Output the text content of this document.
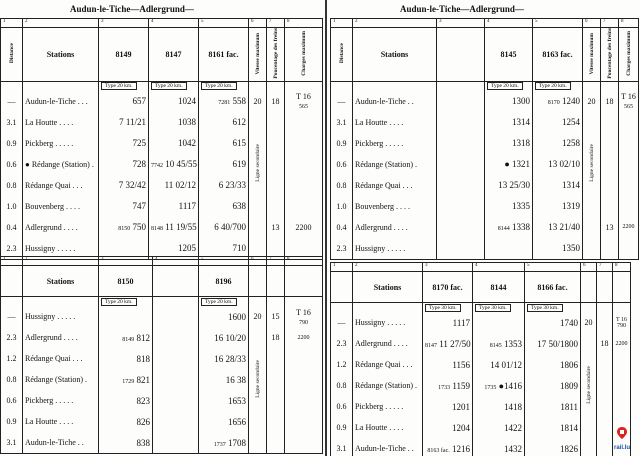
Audun-le-Tiche—Adlergrund—
1	2	3	4	5	6	7	8
Distance	Stations	8149	8147	8161 fac.	Vitesse maximum	Poucentage des freins	Charges maximum
		Type 20 km.	Type 20 km.	Type 20 km.			
—	Audun-le-Tiche . . .	657	1024	7281 558	20	18	T 16
565
3.1	La Houtte . . . .	7 11/21	1038	612	Ligne secondaire		
0.9	Pickberg . . . . .	725	1042	615			
0.6	● Rédange (Station) .	728	7742 10 45/55	619			
0.8	Rédange Quai . . .	7 32/42	11 02/12	6 23/33			
1.0	Bouvenberg . . . .	747	1117	638			
0.4	Adlergrund . . . .	8150 750	8148 11 19/55	6 40/700		13	2200
2.3	Hussigny . . . . .		1205	710			
Audun-le-Tiche—Adlergrund—
1	2	3	4	5	6	7	8
Distance	Stations		8145	8163 fac.	Vitesse maximum	Poucentage des freins	Charges maximum
			Type 20 km.	Type 20 km.			
—	Audun-le-Tiche . .		1300	8170 1240	20	18	T 16
565
3.1	La Houtte . . . .		1314	1254	Ligne secondaire		
0.9	Pickberg . . . . .		1318	1258			
0.6	Rédange (Station) .		● 1321	13 02/10			
0.8	Rédange Quai . . .		13 25/30	1314			
1.0	Bouvenberg . . . .		1335	1319			
0.4	Adlergrund . . . .		8144 1338	13 21/40		13	2200
2.3	Hussigny . . . . .			1350			
1	2	3	4	5	6	7	8
	Stations	8150		8196			
		Type 20 km.		Type 20 km.			
—	Hussigny . . . . .			1600	20	15	T 16
790
2.3	Adlergrund . . . .	8149 812		16 10/20	Ligne secondaire	18	2200
1.2	Rédange Quai . . .	818		16 28/33			
0.8	Rédange (Station) .	1729 821		16 38			
0.6	Pickberg . . . . .	823		1653			
0.9	La Houtte . . . .	826		1656			
3.1	Audun-le-Tiche . .	838		1737 1708			
1	2	3	4	5	6	7	8
	Stations	8170 fac.	8144	8166 fac.			
		Type 30 km.	Type 30 km.	Type 30 km.			
—	Hussigny . . . . .	1117		1740	20		T 16
790
2.3	Adlergrund . . . .	8147 11 27/50	8145 1353	17 50/1800	Ligne secondaire	18	2200
1.2	Rédange Quai . . .	1156	14 01/12	1806			
0.8	Rédange (Station) .	1733 1159	1735 ●1416	1809			
0.6	Pickberg . . . . .	1201	1418	1811			
0.9	La Houtte . . . .	1204	1422	1814			
3.1	Audun-le-Tiche . .	8163 fac. 1216	1432	1826				rail.lu
